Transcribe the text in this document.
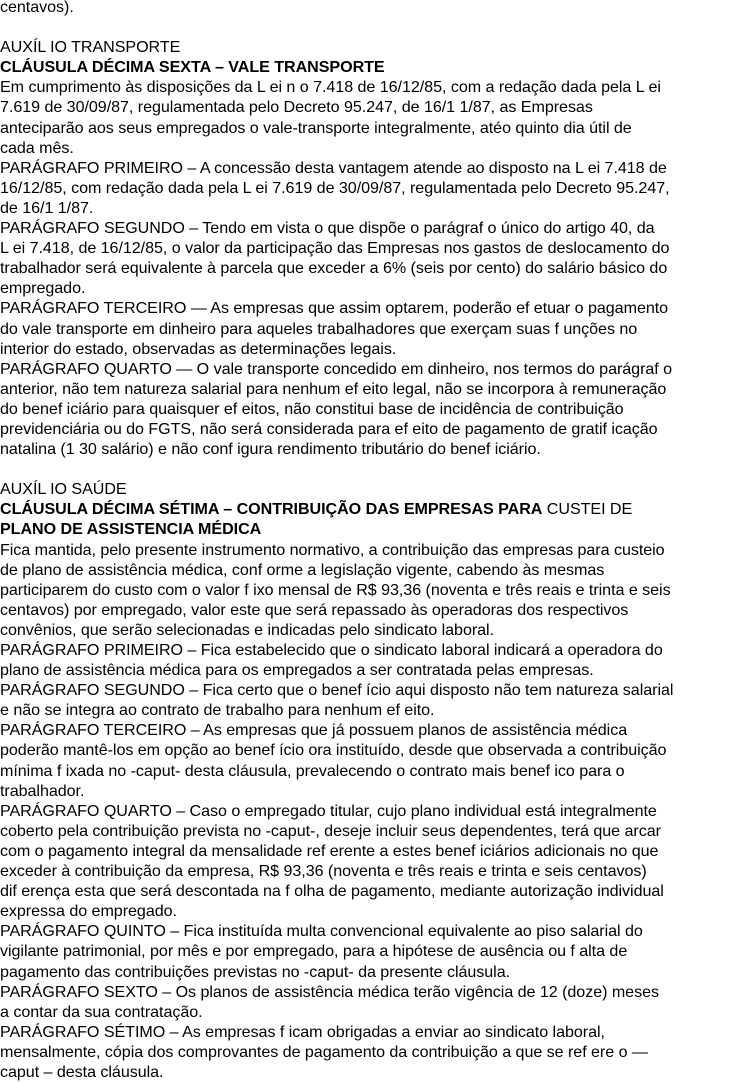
centavos).
AUXÍL IO TRANSPORTE
CLÁUSULA DÉCIMA SEXTA – VALE TRANSPORTE
Em cumprimento às disposições da L ei n o 7.418 de 16/12/85, com a redação dada pela L ei
7.619 de 30/09/87, regulamentada pelo Decreto 95.247, de 16/1 1/87, as Empresas
anteciparão aos seus empregados o vale-transporte integralmente, atéo quinto dia útil de
cada mês.
PARÁGRAFO PRIMEIRO – A concessão desta vantagem atende ao disposto na L ei 7.418 de
16/12/85, com redação dada pela L ei 7.619 de 30/09/87, regulamentada pelo Decreto 95.247,
de 16/1 1/87.
PARÁGRAFO SEGUNDO – Tendo em vista o que dispõe o parágraf o único do artigo 40, da
L ei 7.418, de 16/12/85, o valor da participação das Empresas nos gastos de deslocamento do
trabalhador será equivalente à parcela que exceder a 6% (seis por cento) do salário básico do
empregado.
PARÁGRAFO TERCEIRO — As empresas que assim optarem, poderão ef etuar o pagamento
do vale transporte em dinheiro para aqueles trabalhadores que exerçam suas f unções no
interior do estado, observadas as determinações legais.
PARÁGRAFO QUARTO — O vale transporte concedido em dinheiro, nos termos do parágraf o
anterior, não tem natureza salarial para nenhum ef eito legal, não se incorpora à remuneração
do benef iciário para quaisquer ef eitos, não constitui base de incidência de contribuição
previdenciária ou do FGTS, não será considerada para ef eito de pagamento de gratif icação
natalina (1 30 salário) e não conf igura rendimento tributário do benef iciário.
AUXÍL IO SAÚDE
CLÁUSULA DÉCIMA SÉTIMA – CONTRIBUIÇÃO DAS EMPRESAS PARA CUSTEI DE
PLANO DE ASSISTENCIA MÉDICA
Fica mantida, pelo presente instrumento normativo, a contribuição das empresas para custeio
de plano de assistência médica, conf orme a legislação vigente, cabendo às mesmas
participarem do custo com o valor f ixo mensal de R$ 93,36 (noventa e três reais e trinta e seis
centavos) por empregado, valor este que será repassado às operadoras dos respectivos
convênios, que serão selecionadas e indicadas pelo sindicato laboral.
PARÁGRAFO PRIMEIRO – Fica estabelecido que o sindicato laboral indicará a operadora do
plano de assistência médica para os empregados a ser contratada pelas empresas.
PARÁGRAFO SEGUNDO – Fica certo que o benef ício aqui disposto não tem natureza salarial
e não se integra ao contrato de trabalho para nenhum ef eito.
PARÁGRAFO TERCEIRO – As empresas que já possuem planos de assistência médica
poderão mantê-los em opção ao benef ício ora instituído, desde que observada a contribuição
mínima f ixada no -caput- desta cláusula, prevalecendo o contrato mais benef ico para o
trabalhador.
PARÁGRAFO QUARTO – Caso o empregado titular, cujo plano individual está integralmente
coberto pela contribuição prevista no -caput-, deseje incluir seus dependentes, terá que arcar
com o pagamento integral da mensalidade ref erente a estes benef iciários adicionais no que
exceder à contribuição da empresa, R$ 93,36 (noventa e três reais e trinta e seis centavos)
dif erença esta que será descontada na f olha de pagamento, mediante autorização individual
expressa do empregado.
PARÁGRAFO QUINTO – Fica instituída multa convencional equivalente ao piso salarial do
vigilante patrimonial, por mês e por empregado, para a hipótese de ausência ou f alta de
pagamento das contribuições previstas no -caput- da presente cláusula.
PARÁGRAFO SEXTO – Os planos de assistência médica terão vigência de 12 (doze) meses
a contar da sua contratação.
PARÁGRAFO SÉTIMO – As empresas f icam obrigadas a enviar ao sindicato laboral,
mensalmente, cópia dos comprovantes de pagamento da contribuição a que se ref ere o —
caput – desta cláusula.
